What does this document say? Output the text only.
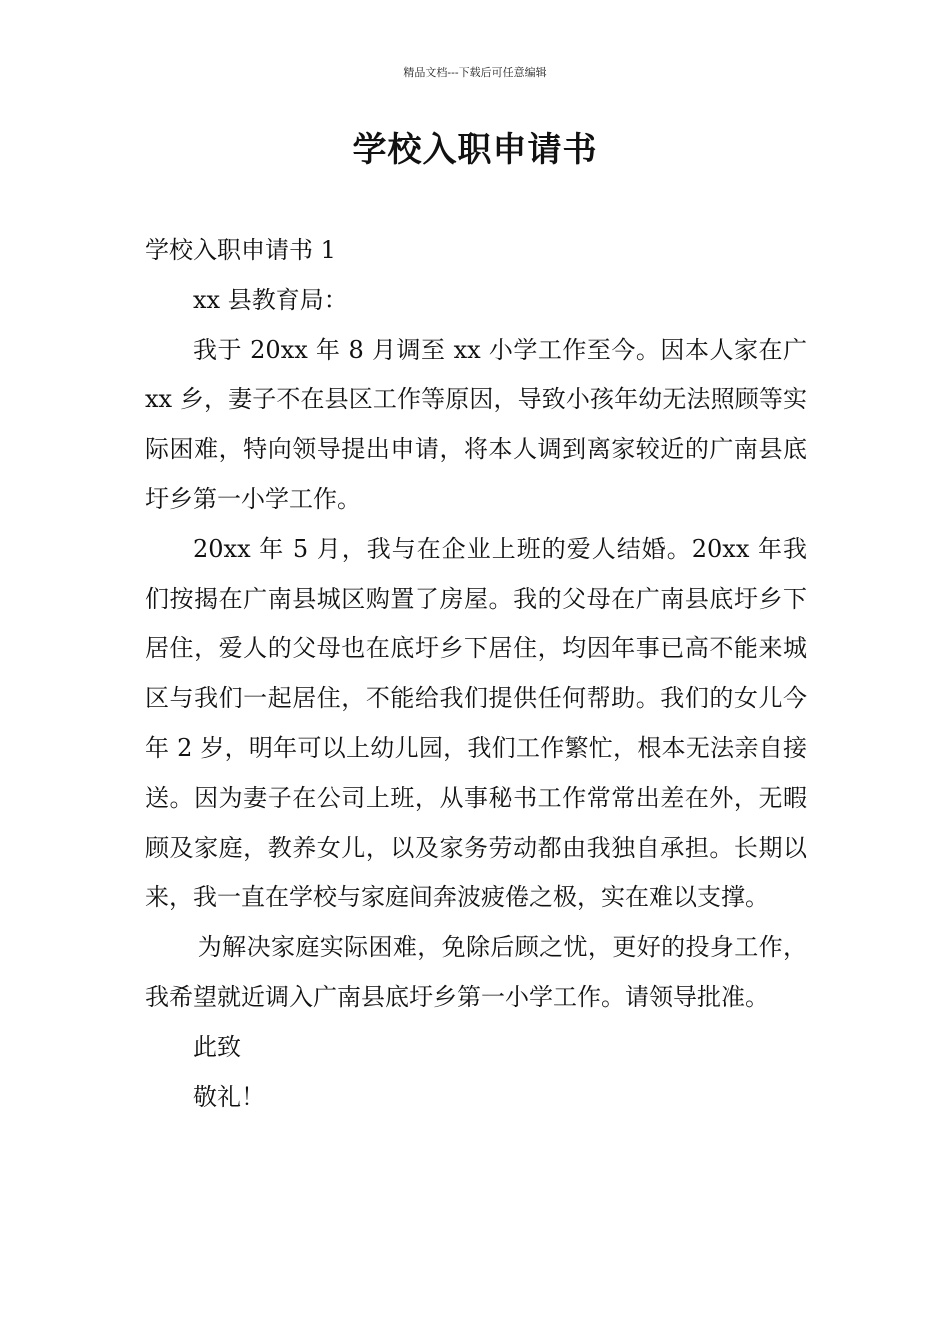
精品文档---下载后可任意编辑
学校入职申请书

学校入职申请书 1

xx 县教育局：

我于 20xx 年 8 月调至 xx 小学工作至今。因本人家在广 xx 乡，妻子不在县区工作等原因，导致小孩年幼无法照顾等实际困难，特向领导提出申请，将本人调到离家较近的广南县底圩乡第一小学工作。

20xx 年 5 月，我与在企业上班的爱人结婚。20xx 年我们按揭在广南县城区购置了房屋。我的父母在广南县底圩乡下居住，爱人的父母也在底圩乡下居住，均因年事已高不能来城区与我们一起居住，不能给我们提供任何帮助。我们的女儿今年 2 岁，明年可以上幼儿园，我们工作繁忙，根本无法亲自接送。因为妻子在公司上班，从事秘书工作常常出差在外，无暇顾及家庭，教养女儿，以及家务劳动都由我独自承担。长期以来，我一直在学校与家庭间奔波疲倦之极，实在难以支撑。

为解决家庭实际困难，免除后顾之忧，更好的投身工作，我希望就近调入广南县底圩乡第一小学工作。请领导批准。

此致

敬礼！
